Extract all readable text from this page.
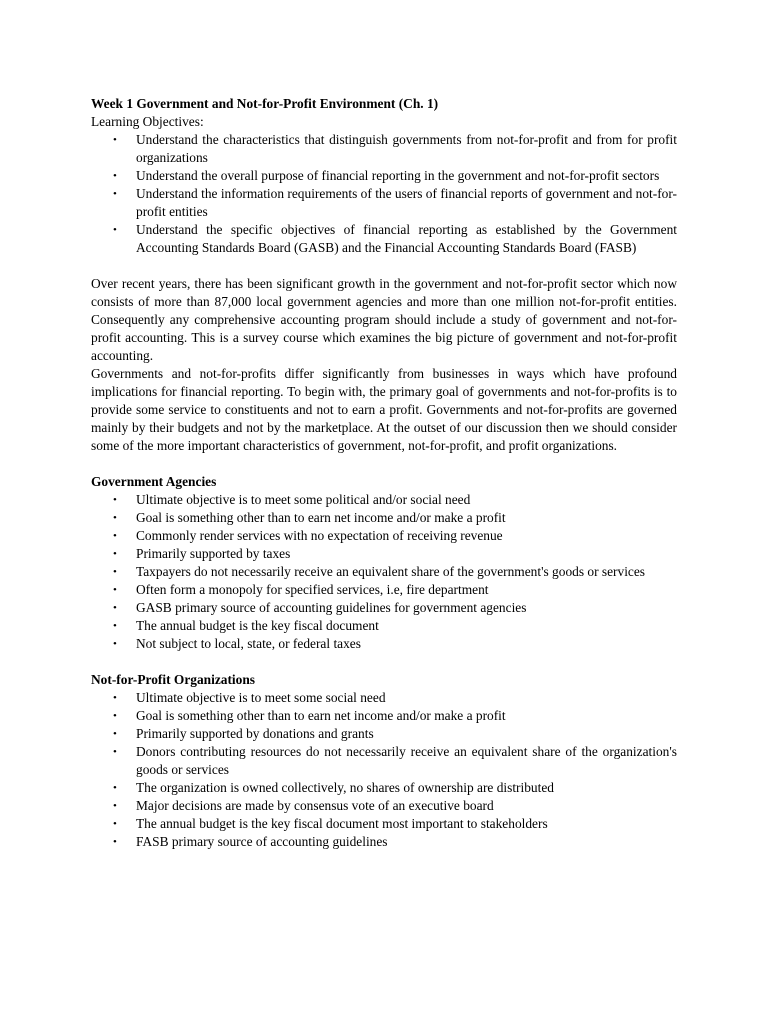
Week 1 Government and Not-for-Profit Environment (Ch. 1)

Learning Objectives:

• Understand the characteristics that distinguish governments from not-for-profit and from for profit organizations
• Understand the overall purpose of financial reporting in the government and not-for-profit sectors
• Understand the information requirements of the users of financial reports of government and not-for-profit entities
• Understand the specific objectives of financial reporting as established by the Government Accounting Standards Board (GASB) and the Financial Accounting Standards Board (FASB)

Over recent years, there has been significant growth in the government and not-for-profit sector which now consists of more than 87,000 local government agencies and more than one million not-for-profit entities. Consequently any comprehensive accounting program should include a study of government and not-for-profit accounting. This is a survey course which examines the big picture of government and not-for-profit accounting.

Governments and not-for-profits differ significantly from businesses in ways which have profound implications for financial reporting. To begin with, the primary goal of governments and not-for-profits is to provide some service to constituents and not to earn a profit. Governments and not-for-profits are governed mainly by their budgets and not by the marketplace. At the outset of our discussion then we should consider some of the more important characteristics of government, not-for-profit, and profit organizations.

Government Agencies

• Ultimate objective is to meet some political and/or social need
• Goal is something other than to earn net income and/or make a profit
• Commonly render services with no expectation of receiving revenue
• Primarily supported by taxes
• Taxpayers do not necessarily receive an equivalent share of the government's goods or services
• Often form a monopoly for specified services, i.e, fire department
• GASB primary source of accounting guidelines for government agencies
• The annual budget is the key fiscal document
• Not subject to local, state, or federal taxes

Not-for-Profit Organizations

• Ultimate objective is to meet some social need
• Goal is something other than to earn net income and/or make a profit
• Primarily supported by donations and grants
• Donors contributing resources do not necessarily receive an equivalent share of the organization's goods or services
• The organization is owned collectively, no shares of ownership are distributed
• Major decisions are made by consensus vote of an executive board
• The annual budget is the key fiscal document most important to stakeholders
• FASB primary source of accounting guidelines
